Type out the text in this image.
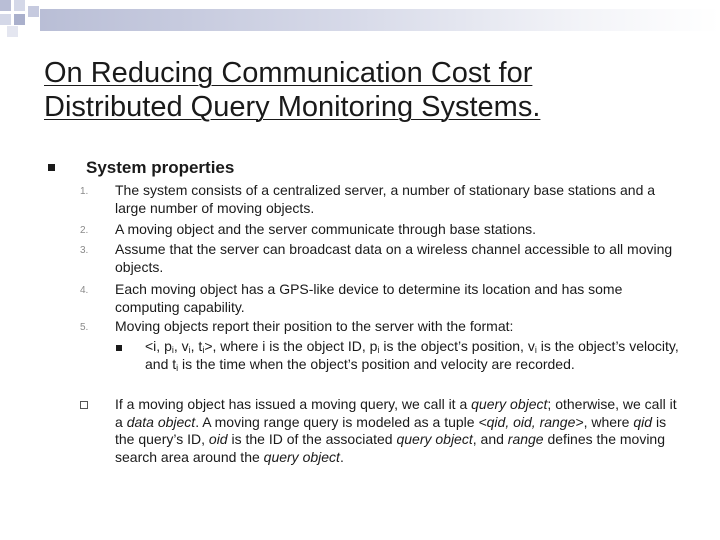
On Reducing Communication Cost for
Distributed Query Monitoring Systems.
System properties
1. The system consists of a centralized server, a number of stationary base stations and a large number of moving objects.
2. A moving object and the server communicate through base stations.
3. Assume that the server can broadcast data on a wireless channel accessible to all moving objects.
4. Each moving object has a GPS-like device to determine its location and has some computing capability.
5. Moving objects report their position to the server with the format:
<i, $p_i$, $v_i$, $t_i>$, where i is the object ID, $p_i$ is the object’s position, $v_i$ is the object’s velocity, and $t_i$ is the time when the object’s position and velocity are recorded.
If a moving object has issued a moving query, we call it a query object; otherwise, we call it a data object. A moving range query is modeled as a tuple <qid, oid, range>, where qid is the query’s ID, oid is the ID of the associated query object, and range defines the moving search area around the query object.
